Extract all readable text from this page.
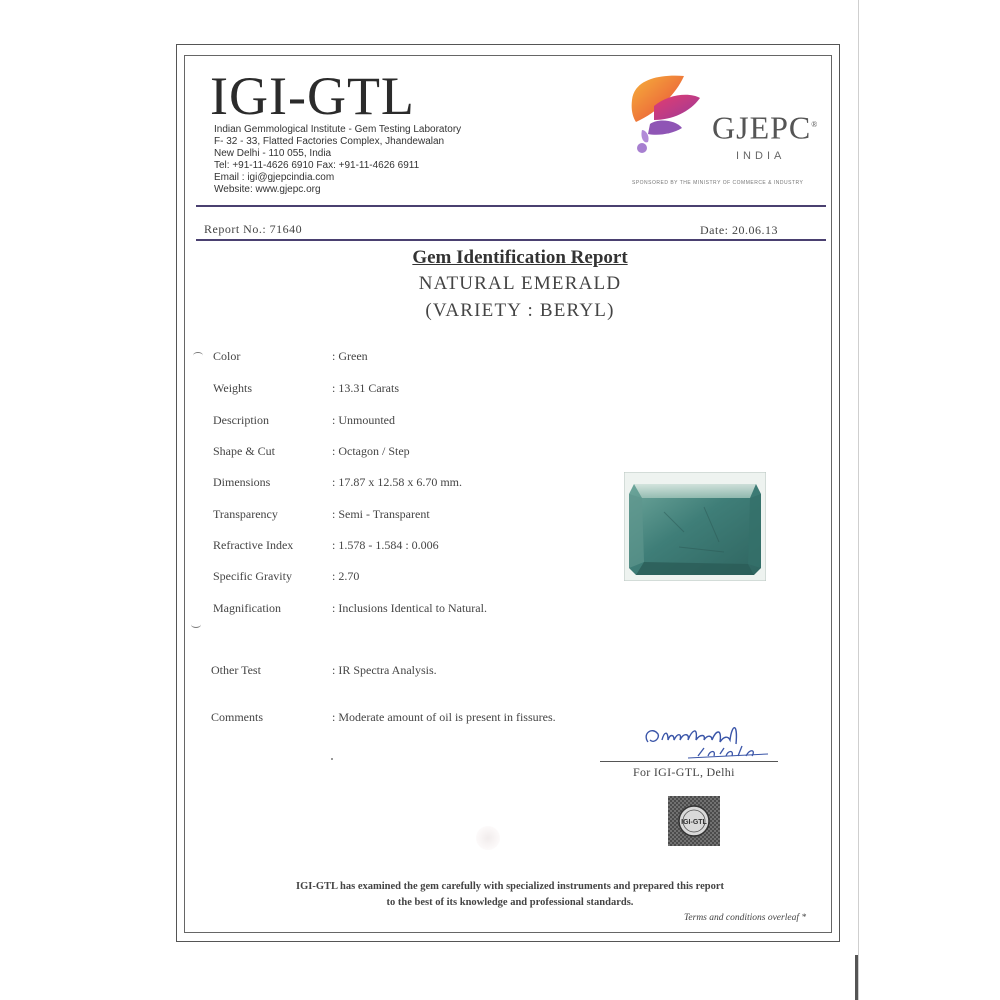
IGI-GTL
Indian Gemmological Institute - Gem Testing Laboratory
F- 32 - 33, Flatted Factories Complex, Jhandewalan
New Delhi - 110 055, India
Tel: +91-11-4626 6910 Fax: +91-11-4626 6911
Email : igi@gjepcindia.com
Website: www.gjepc.org
GJEPC®
INDIA
SPONSORED BY THE MINISTRY OF COMMERCE & INDUSTRY
Report No.: 71640	Date: 20.06.13
Gem Identification Report
NATURAL EMERALD
(VARIETY : BERYL)
Color	: Green
Weights	: 13.31 Carats
Description	: Unmounted
Shape & Cut	: Octagon / Step
Dimensions	: 17.87 x 12.58 x 6.70 mm.
Transparency	: Semi - Transparent
Refractive Index	: 1.578 - 1.584 : 0.006
Specific Gravity	: 2.70
Magnification	: Inclusions Identical to Natural.
Other Test	: IR Spectra Analysis.
Comments	: Moderate amount of oil is present in fissures.
For IGI-GTL, Delhi
IGI-GTL
IGI-GTL has examined the gem carefully with specialized instruments and prepared this report
to the best of its knowledge and professional standards.
Terms and conditions overleaf *
